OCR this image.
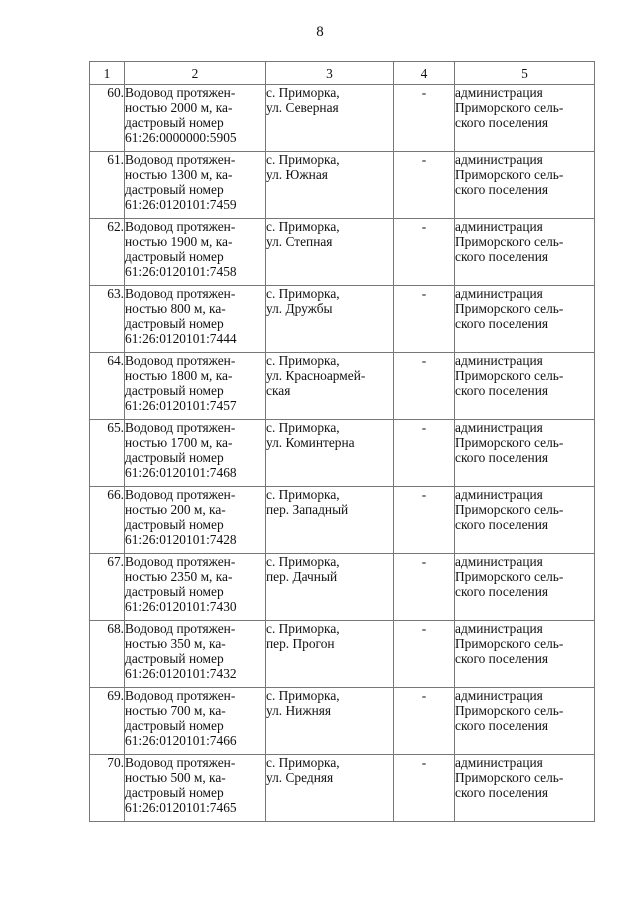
8
1	2	3	4	5
60.	Водовод протяжен-
ностью 2000 м, ка-
дастровый номер
61:26:0000000:5905	с. Приморка,
ул. Северная	-	администрация
Приморского сель-
ского поселения

61.	Водовод протяжен-
ностью 1300 м, ка-
дастровый номер
61:26:0120101:7459	с. Приморка,
ул. Южная	-	администрация
Приморского сель-
ского поселения

62.	Водовод протяжен-
ностью 1900 м, ка-
дастровый номер
61:26:0120101:7458	с. Приморка,
ул. Степная	-	администрация
Приморского сель-
ского поселения

63.	Водовод протяжен-
ностью 800 м, ка-
дастровый номер
61:26:0120101:7444	с. Приморка,
ул. Дружбы	-	администрация
Приморского сель-
ского поселения

64.	Водовод протяжен-
ностью 1800 м, ка-
дастровый номер
61:26:0120101:7457	с. Приморка,
ул. Красноармей-
ская	-	администрация
Приморского сель-
ского поселения

65.	Водовод протяжен-
ностью 1700 м, ка-
дастровый номер
61:26:0120101:7468	с. Приморка,
ул. Коминтерна	-	администрация
Приморского сель-
ского поселения

66.	Водовод протяжен-
ностью 200 м, ка-
дастровый номер
61:26:0120101:7428	с. Приморка,
пер. Западный	-	администрация
Приморского сель-
ского поселения

67.	Водовод протяжен-
ностью 2350 м, ка-
дастровый номер
61:26:0120101:7430	с. Приморка,
пер. Дачный	-	администрация
Приморского сель-
ского поселения

68.	Водовод протяжен-
ностью 350 м, ка-
дастровый номер
61:26:0120101:7432	с. Приморка,
пер. Прогон	-	администрация
Приморского сель-
ского поселения

69.	Водовод протяжен-
ностью 700 м, ка-
дастровый номер
61:26:0120101:7466	с. Приморка,
ул. Нижняя	-	администрация
Приморского сель-
ского поселения

70.	Водовод протяжен-
ностью 500 м, ка-
дастровый номер
61:26:0120101:7465	с. Приморка,
ул. Средняя	-	администрация
Приморского сель-
ского поселения
